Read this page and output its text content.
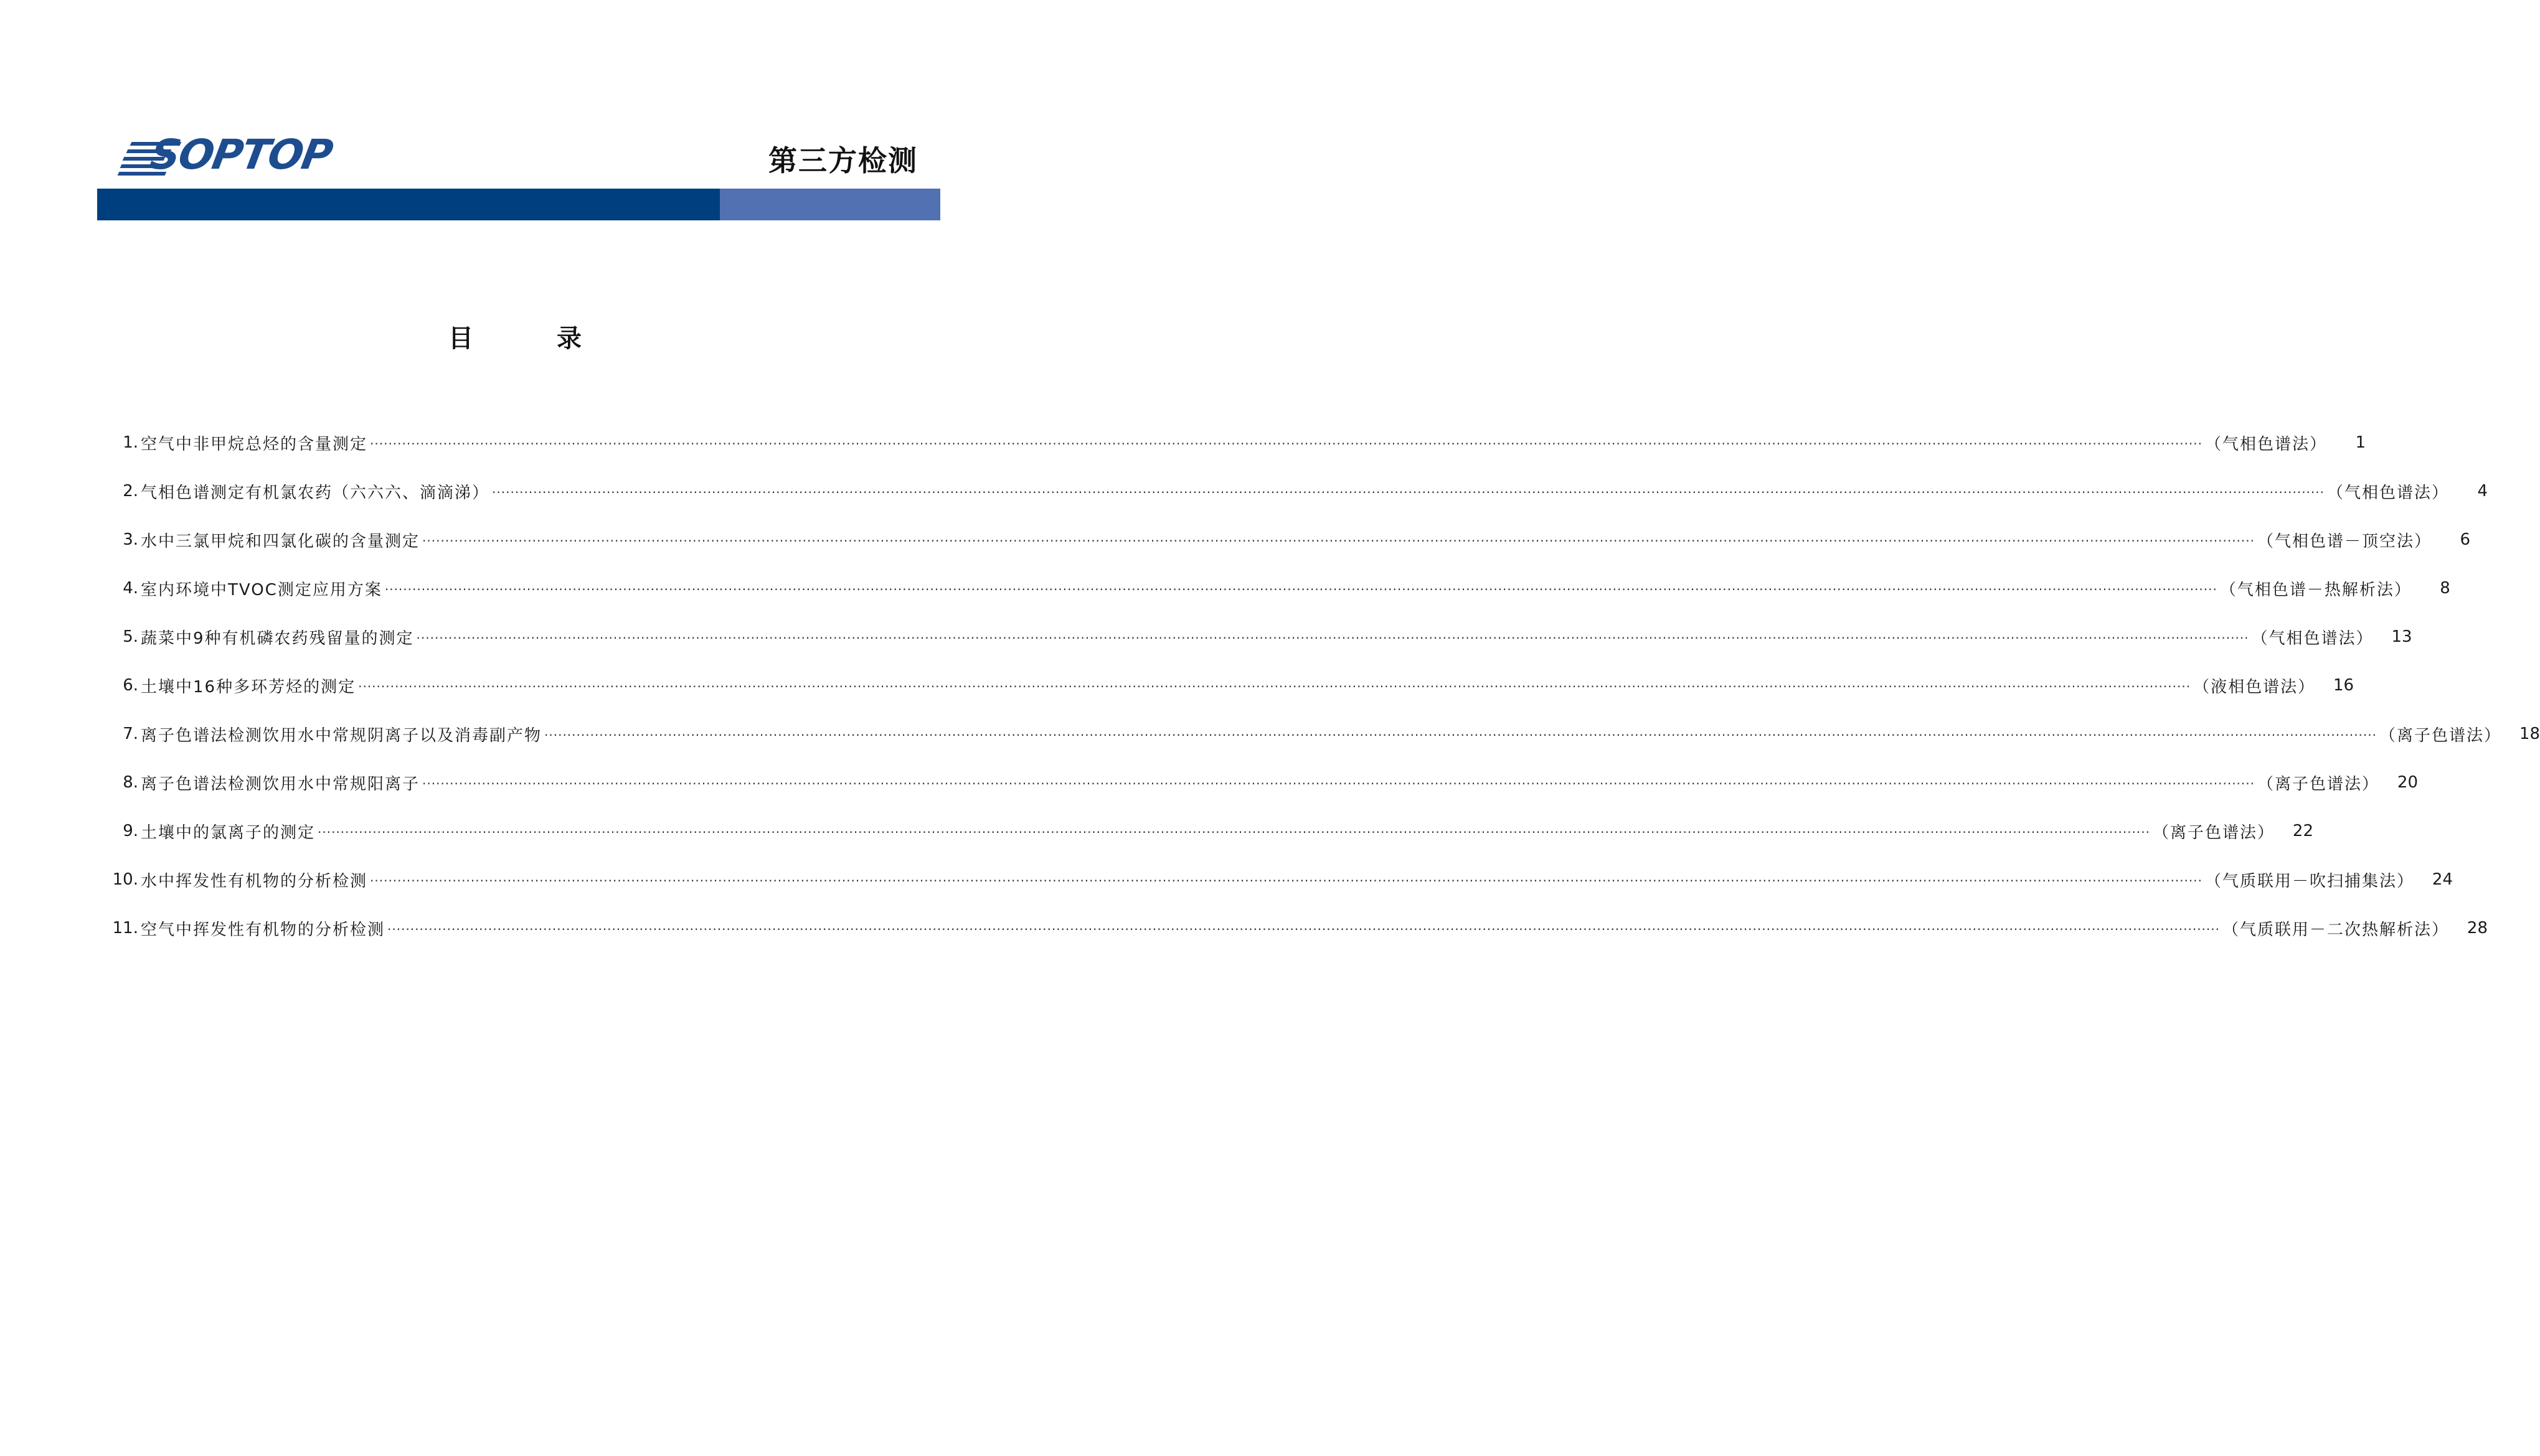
SOPTOP	第三方检测
目 录
1. 空气中非甲烷总烃的含量测定 ················································································································································································································································································································································································································ （气相色谱法）	1
2. 气相色谱测定有机氯农药（六六六、滴滴涕） ················································································································································································································································································································································································································ （气相色谱法）	4
3. 水中三氯甲烷和四氯化碳的含量测定 ················································································································································································································································································································································································································ （气相色谱－顶空法）	6
4. 室内环境中TVOC测定应用方案 ················································································································································································································································································································································································································ （气相色谱－热解析法）	8
5. 蔬菜中9种有机磷农药残留量的测定 ················································································································································································································································································································································································································ （气相色谱法）	13
6. 土壤中16种多环芳烃的测定 ················································································································································································································································································································································································································ （液相色谱法）	16
7. 离子色谱法检测饮用水中常规阴离子以及消毒副产物 ················································································································································································································································································································································································································ （离子色谱法）	18
8. 离子色谱法检测饮用水中常规阳离子 ················································································································································································································································································································································································································ （离子色谱法）	20
9. 土壤中的氯离子的测定 ················································································································································································································································································································································································································ （离子色谱法）	22
10. 水中挥发性有机物的分析检测 ················································································································································································································································································································································································································ （气质联用－吹扫捕集法）	24
11. 空气中挥发性有机物的分析检测 ················································································································································································································································································································································································································ （气质联用－二次热解析法）	28
